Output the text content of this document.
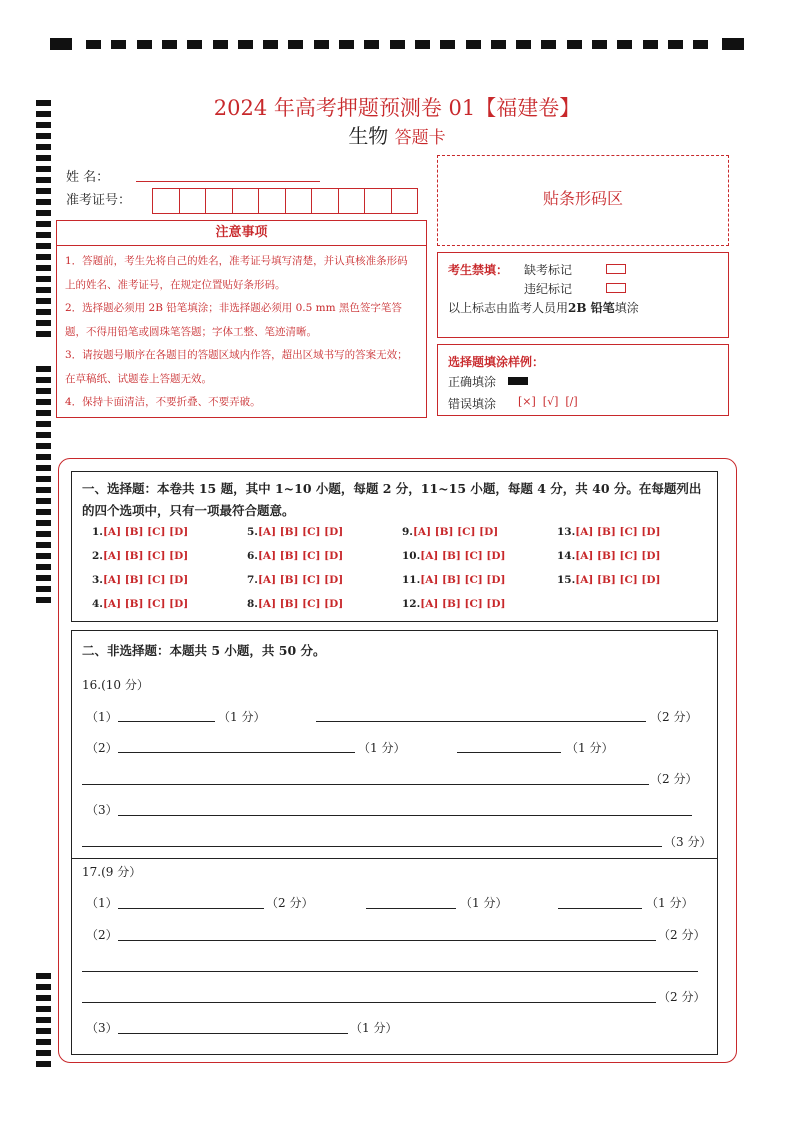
2024 年高考押题预测卷 01【福建卷】
生物 答题卡
姓 名：
准考证号：	贴条形码区
注意事项
1．答题前，考生先将自己的姓名，准考证号填写清楚，并认真核准条形码上的姓名、准考证号，在规定位置贴好条形码。
2．选择题必须用 2B 铅笔填涂；非选择题必须用 0.5 mm 黑色签字笔答题，不得用铅笔或圆珠笔答题；字体工整、笔迹清晰。
3．请按题号顺序在各题目的答题区域内作答，超出区域书写的答案无效；在草稿纸、试题卷上答题无效。
4．保持卡面清洁，不要折叠、不要弄破。
考生禁填： 缺考标记
违纪标记
以上标志由监考人员用2B 铅笔填涂
选择题填涂样例：
正确填涂
错误填涂 [×]  [√]  [/]
一、选择题：本卷共 15 题，其中 1~10 小题，每题 2 分，11~15 小题，每题 4 分，共 40 分。在每题列出的四个选项中，只有一项最符合题意。
1.[A] [B] [C] [D]
2.[A] [B] [C] [D]
3.[A] [B] [C] [D]
4.[A] [B] [C] [D]
5.[A] [B] [C] [D]
6.[A] [B] [C] [D]
7.[A] [B] [C] [D]
8.[A] [B] [C] [D]
9.[A] [B] [C] [D]
10.[A] [B] [C] [D]
11.[A] [B] [C] [D]
12.[A] [B] [C] [D]
13.[A] [B] [C] [D]
14.[A] [B] [C] [D]
15.[A] [B] [C] [D]
二、非选择题：本题共 5 小题，共 50 分。
16.(10 分）
（1）	（1 分）	（2 分）
（2）	（1 分）	（1 分）
（2 分）
（3）
（3 分）
17.(9 分）
（1）	（2 分）	（1 分）	（1 分）
（2）	（2 分）
（2 分）
（3）	（1 分）
